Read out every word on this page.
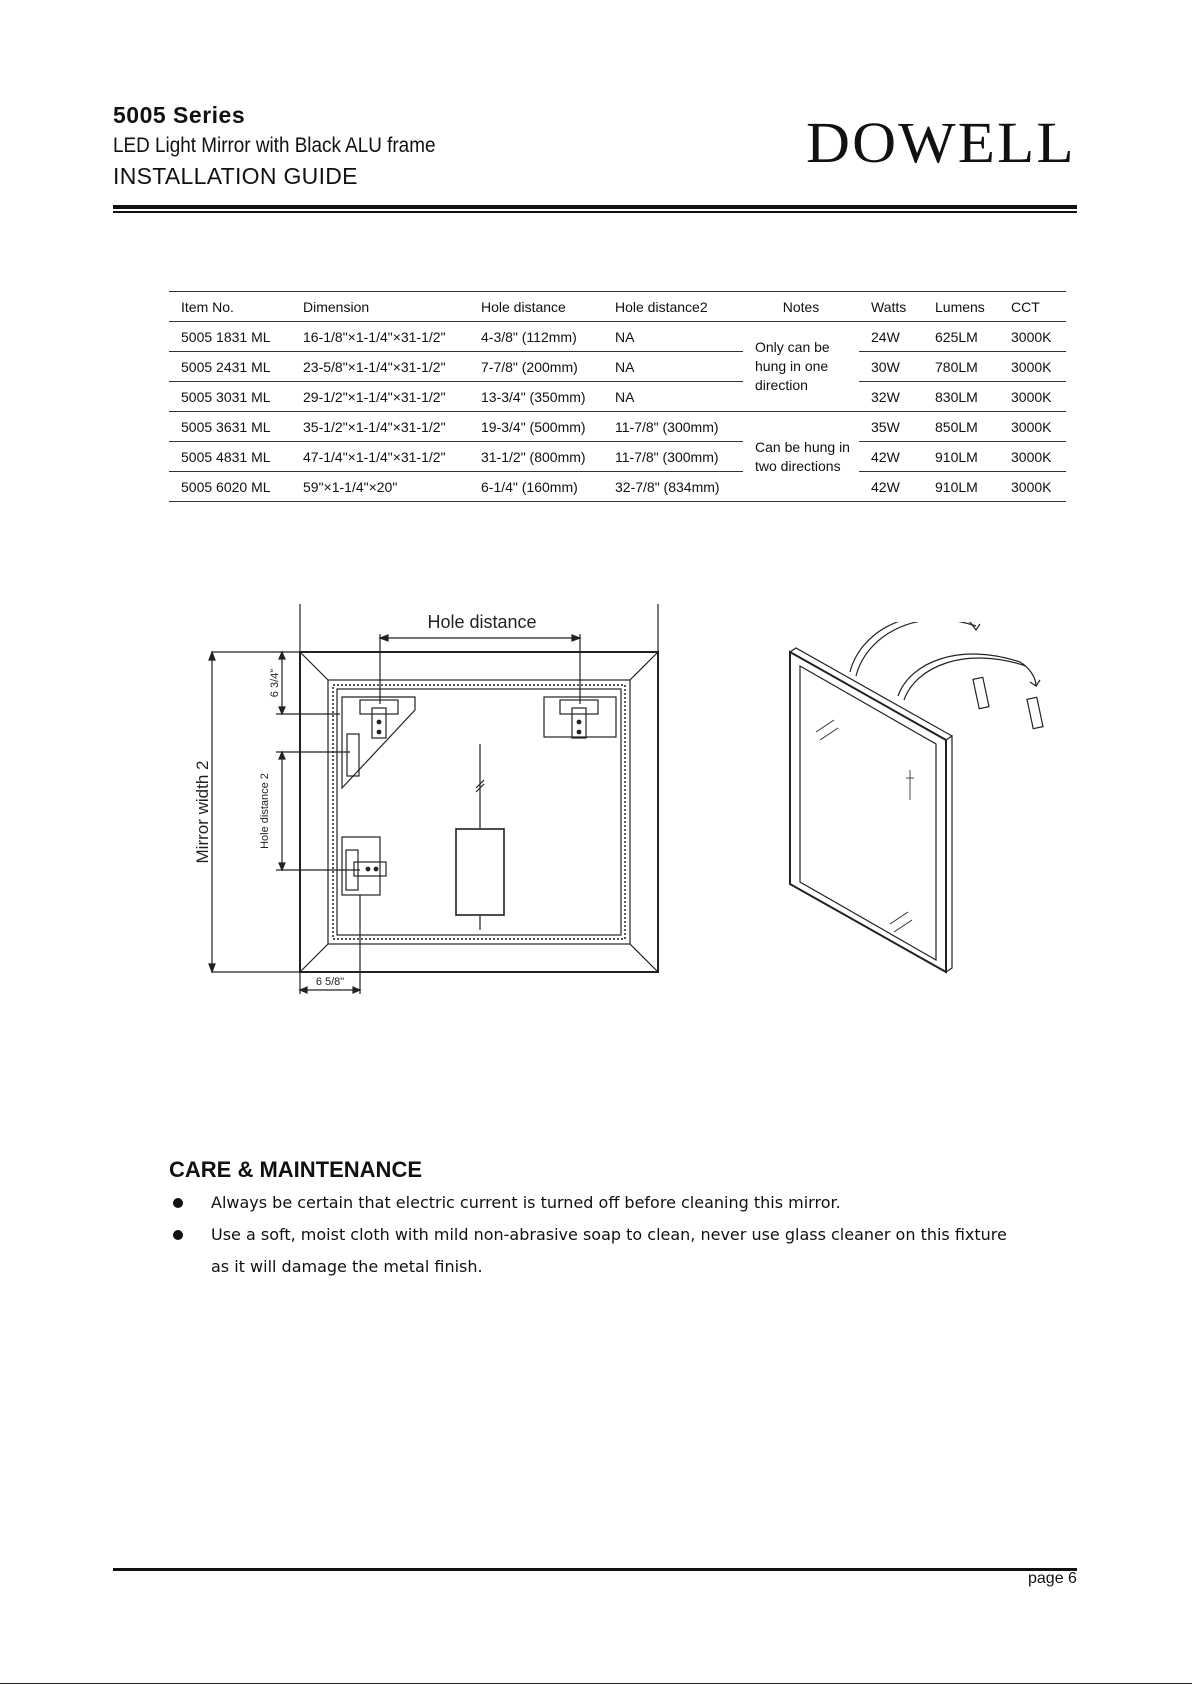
5005 Series
LED Light Mirror with Black ALU frame
INSTALLATION GUIDE
DOWELL
Item No.	Dimension	Hole distance	Hole distance2	Notes	Watts	Lumens	CCT
5005 1831 ML	16-1/8"×1-1/4"×31-1/2"	4-3/8" (112mm)	NA	Only can be hung in one direction	24W	625LM	3000K
5005 2431 ML	23-5/8"×1-1/4"×31-1/2"	7-7/8" (200mm)	NA		30W	780LM	3000K
5005 3031 ML	29-1/2"×1-1/4"×31-1/2"	13-3/4" (350mm)	NA		32W	830LM	3000K
5005 3631 ML	35-1/2"×1-1/4"×31-1/2"	19-3/4" (500mm)	11-7/8" (300mm)	Can be hung in two directions	35W	850LM	3000K
5005 4831 ML	47-1/4"×1-1/4"×31-1/2"	31-1/2" (800mm)	11-7/8" (300mm)		42W	910LM	3000K
5005 6020 ML	59"×1-1/4"×20"	6-1/4" (160mm)	32-7/8" (834mm)		42W	910LM	3000K
Hole distance
Mirror width 2
6 3/4"
Hole distance 2
6 5/8"
CARE & MAINTENANCE
Always be certain that electric current is turned off before cleaning this mirror.
Use a soft, moist cloth with mild non-abrasive soap to clean, never use glass cleaner on this fixture as it will damage the metal finish.
page 6
